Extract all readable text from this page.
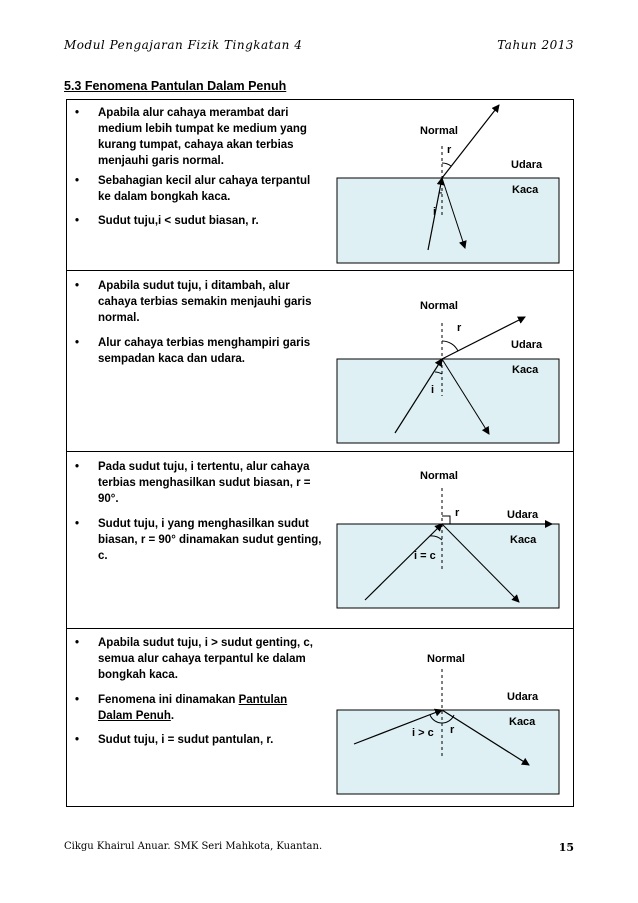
Modul Pengajaran Fizik Tingkatan 4	Tahun 2013
5.3 Fenomena Pantulan Dalam Penuh
• Apabila alur cahaya merambat dari medium lebih tumpat ke medium yang kurang tumpat, cahaya akan terbias menjauhi garis normal.
• Sebahagian kecil alur cahaya terpantul ke dalam bongkah kaca.
• Sudut tuju,i < sudut biasan, r.
Normal
r
Udara
Kaca
i
• Apabila sudut tuju, i ditambah, alur cahaya terbias semakin menjauhi garis normal.
• Alur cahaya terbias menghampiri garis sempadan kaca dan udara.
Normal
r
Udara
Kaca
i
• Pada sudut tuju, i tertentu, alur cahaya terbias menghasilkan sudut biasan, r = 90°.
• Sudut tuju, i yang menghasilkan sudut biasan, r = 90° dinamakan sudut genting, c.
Normal
r	Udara
Kaca
i = c
• Apabila sudut tuju, i > sudut genting, c, semua alur cahaya terpantul ke dalam bongkah kaca.
• Fenomena ini dinamakan Pantulan Dalam Penuh.
• Sudut tuju, i = sudut pantulan, r.
Normal
Udara
Kaca
i > c r
Cikgu Khairul Anuar. SMK Seri Mahkota, Kuantan.	15
